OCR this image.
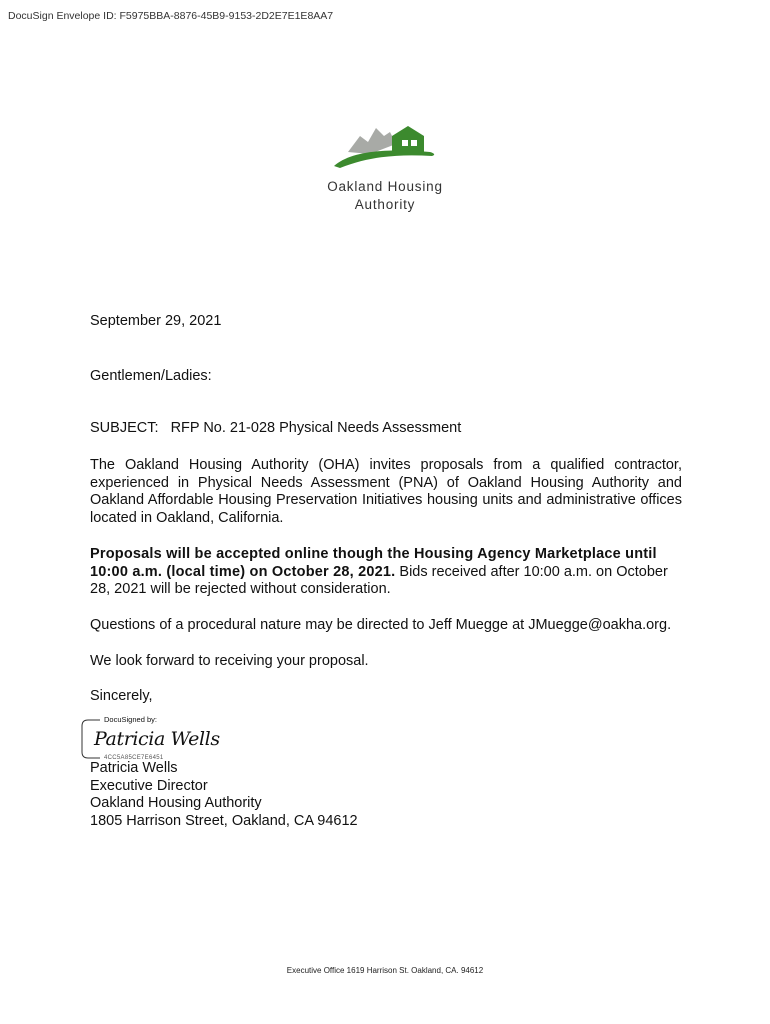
DocuSign Envelope ID: F5975BBA-8876-45B9-9153-2D2E7E1E8AA7
Oakland Housing
Authority
September 29, 2021
Gentlemen/Ladies:
SUBJECT:   RFP No. 21-028 Physical Needs Assessment
The Oakland Housing Authority (OHA) invites proposals from a qualified contractor, experienced in Physical Needs Assessment (PNA) of Oakland Housing Authority and Oakland Affordable Housing Preservation Initiatives housing units and administrative offices located in Oakland, California.
Proposals will be accepted online though the Housing Agency Marketplace until 10:00 a.m. (local time) on October 28, 2021. Bids received after 10:00 a.m. on October 28, 2021 will be rejected without consideration.
Questions of a procedural nature may be directed to Jeff Muegge at JMuegge@oakha.org.
We look forward to receiving your proposal.
Sincerely,
DocuSigned by:
Patricia Wells
4CC5A85CE7E6451
Patricia Wells
Executive Director
Oakland Housing Authority
1805 Harrison Street, Oakland, CA 94612
Executive Office 1619 Harrison St. Oakland, CA. 94612
